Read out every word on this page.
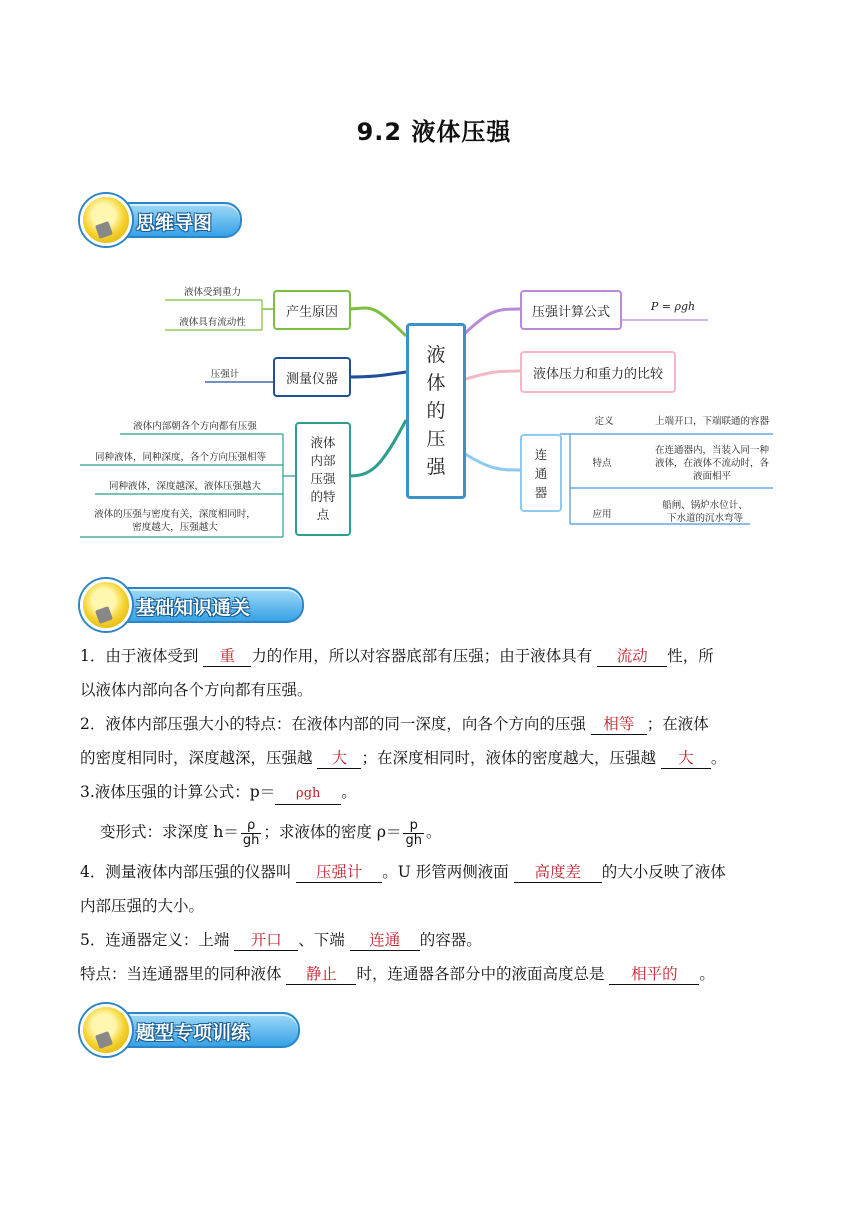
9.2 液体压强
思维导图
液
体
的
压
强
产生原因
液体受到重力
液体具有流动性
测量仪器
压强计
液体
内部
压强
的特
点
液体内部朝各个方向都有压强
同种液体，同种深度，各个方向压强相等
同种液体，深度越深，液体压强越大
液体的压强与密度有关，深度相同时，
密度越大，压强越大
压强计算公式	P = ρgh
液体压力和重力的比较
连
通
器
定义	上端开口，下端联通的容器
特点
在连通器内，当装入同一种
液体，在液体不流动时，各
液面相平
应用
船闸、锅炉水位计、
下水道的沉水弯等
基础知识通关
1．由于液体受到 重 力的作用，所以对容器底部有压强；由于液体具有 流动 性，所
以液体内部向各个方向都有压强。
2．液体内部压强大小的特点：在液体内部的同一深度，向各个方向的压强 相等 ；在液体
的密度相同时，深度越深，压强越 大 ；在深度相同时，液体的密度越大，压强越 大 。
3.液体压强的计算公式：p＝ ρgh 。
变形式：求深度 $h= \frac{\rho}{gh}$ ；求液体的密度 $\rho= \frac{p}{gh}$ 。
4．测量液体内部压强的仪器叫 压强计 。U 形管两侧液面 高度差 的大小反映了液体
内部压强的大小。
5．连通器定义：上端 开口 、下端 连通 的容器。
特点：当连通器里的同种液体 静止 时，连通器各部分中的液面高度总是 相平的 。
题型专项训练
